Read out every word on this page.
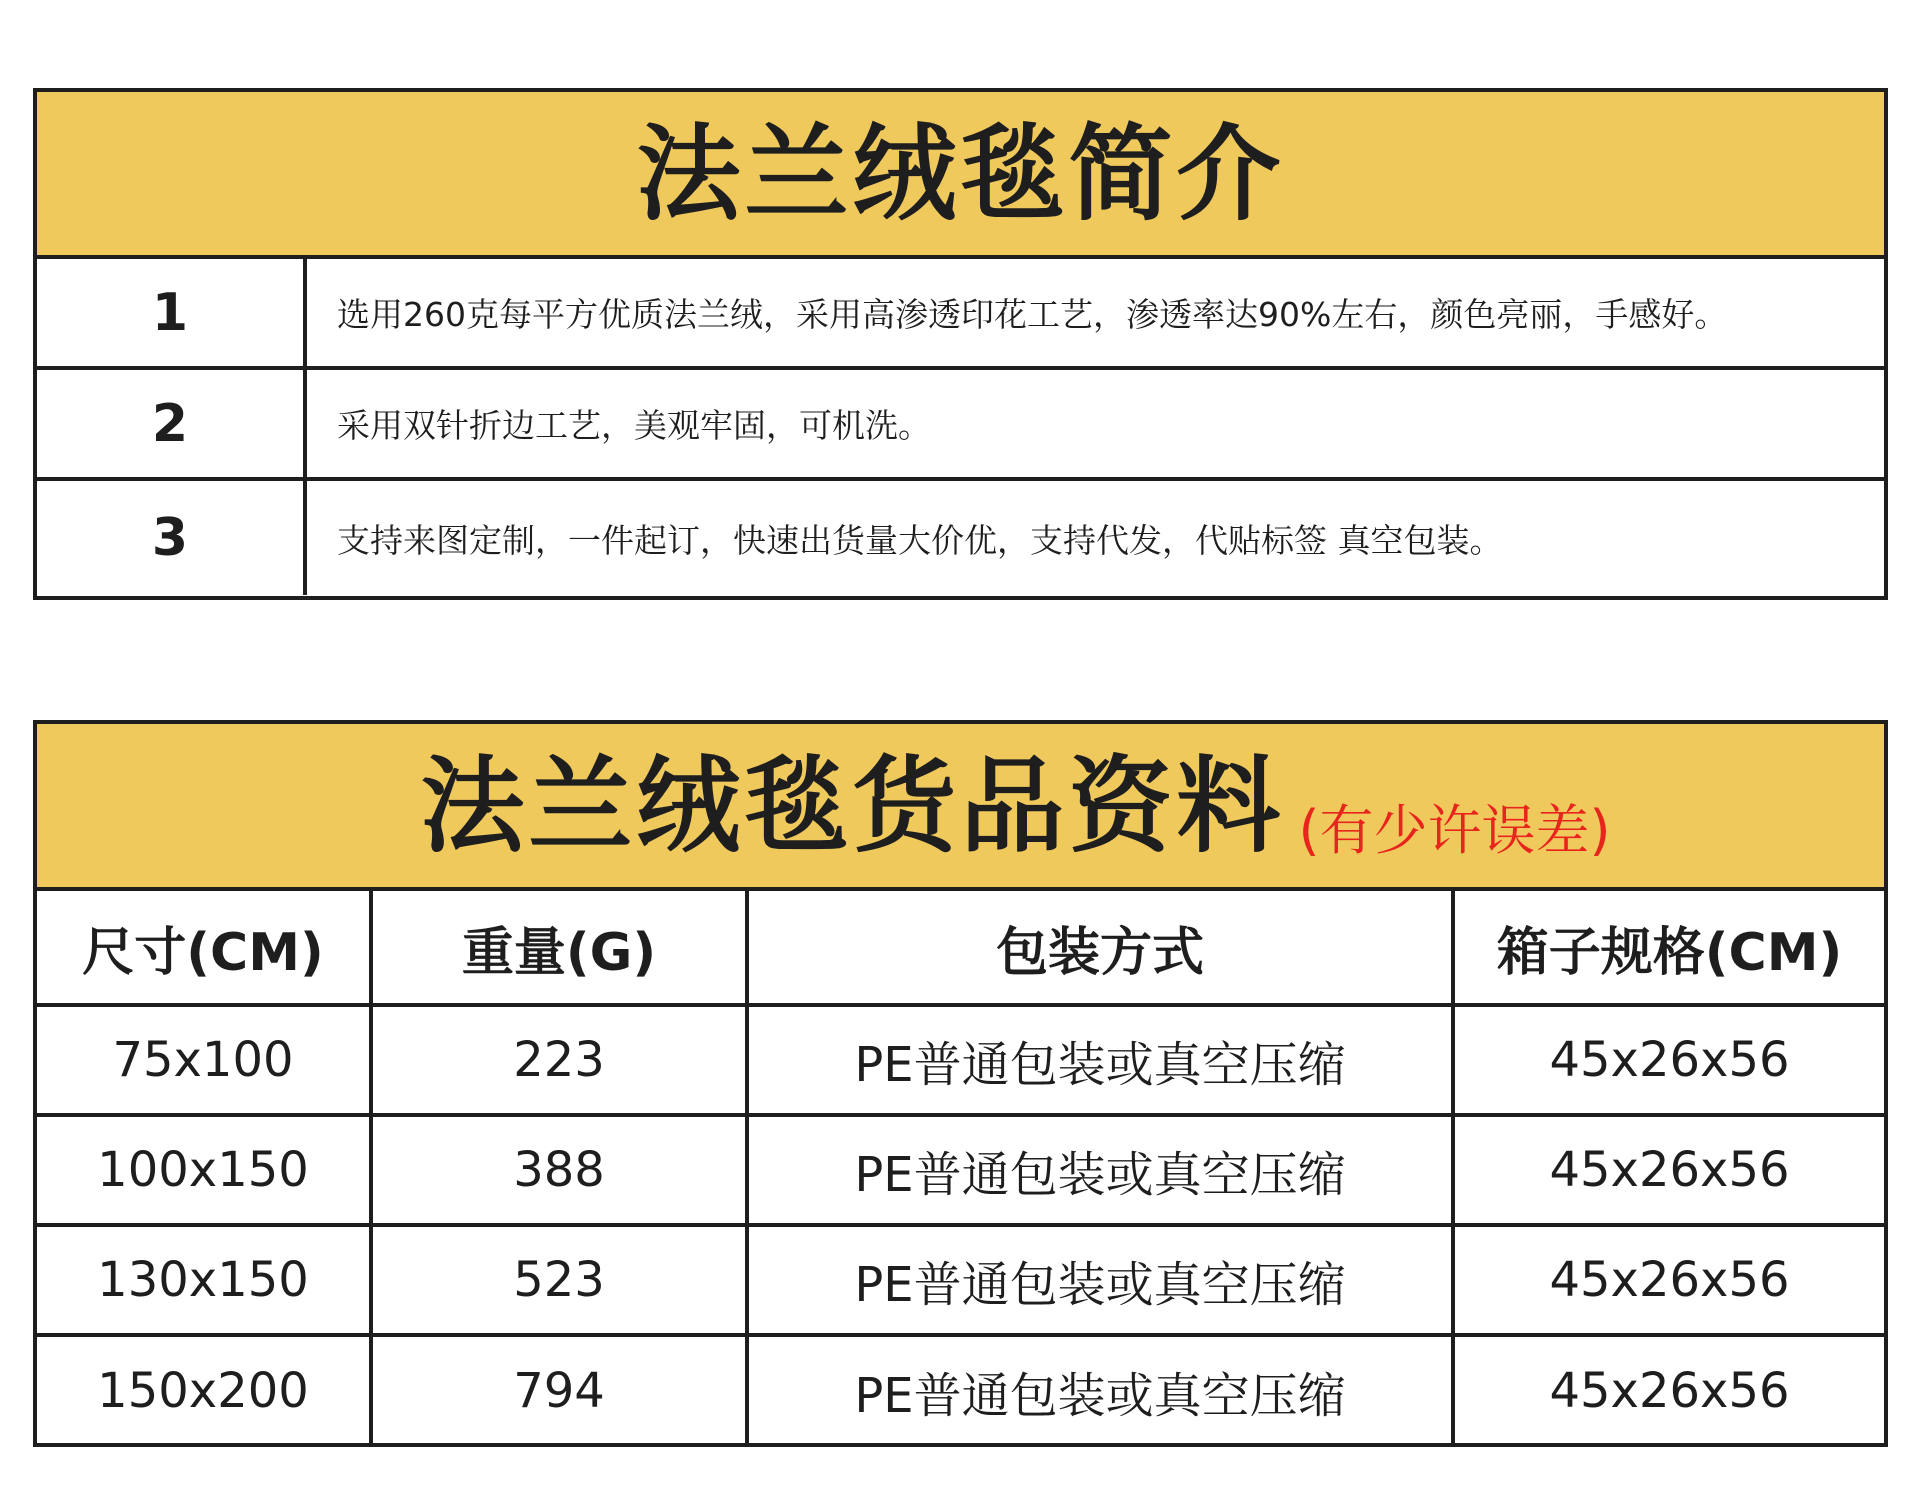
法兰绒毯简介
1	选用260克每平方优质法兰绒，采用高渗透印花工艺，渗透率达90%左右，颜色亮丽，手感好。
2	采用双针折边工艺，美观牢固，可机洗。
3	支持来图定制，一件起订，快速出货量大价优，支持代发，代贴标签 真空包装。
法兰绒毯货品资料 (有少许误差)
尺寸(CM)	重量(G)	包装方式	箱子规格(CM)
75x100	223	PE普通包装或真空压缩	45x26x56
100x150	388	PE普通包装或真空压缩	45x26x56
130x150	523	PE普通包装或真空压缩	45x26x56
150x200	794	PE普通包装或真空压缩	45x26x56
